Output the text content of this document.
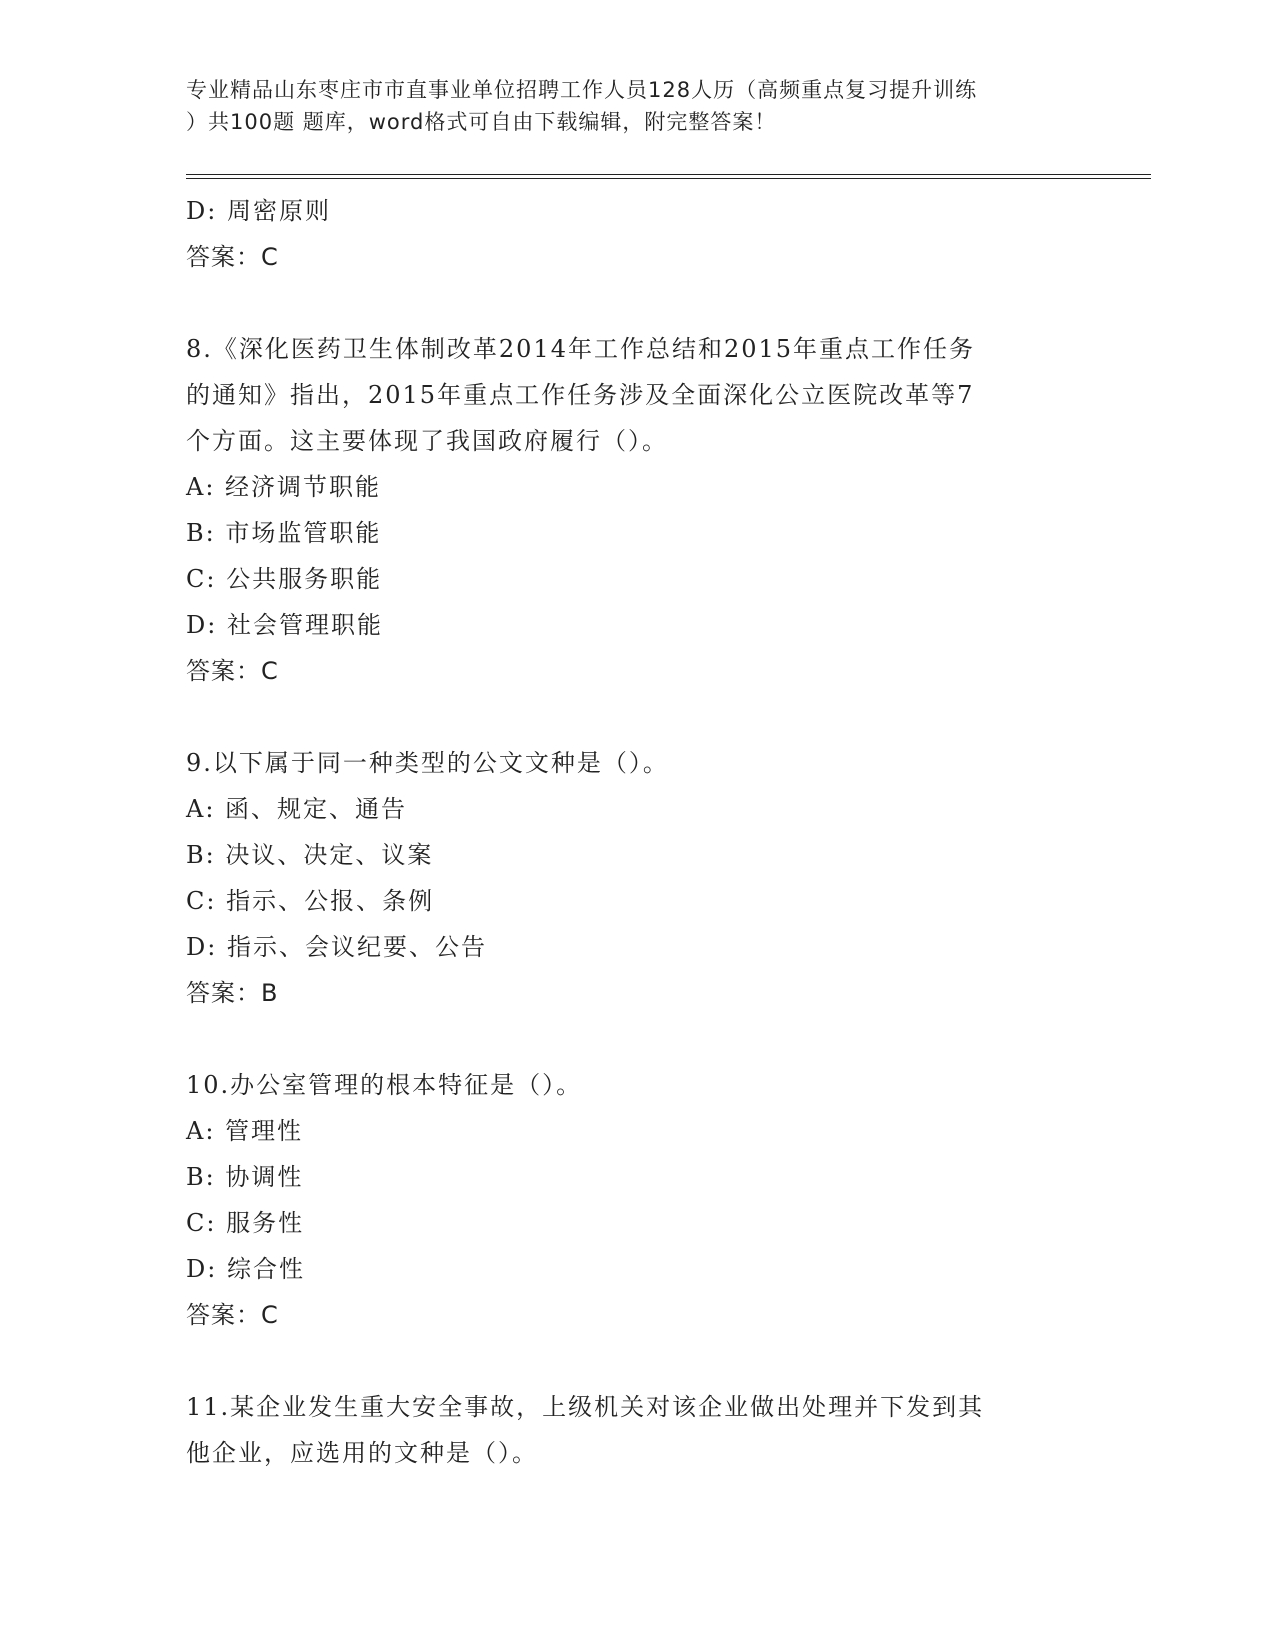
专业精品山东枣庄市市直事业单位招聘工作人员128人历（高频重点复习提升训练
）共100题 题库，word格式可自由下载编辑，附完整答案！
D: 周密原则
答案：C
8.《深化医药卫生体制改革2014年工作总结和2015年重点工作任务
的通知》指出，2015年重点工作任务涉及全面深化公立医院改革等7
个方面。这主要体现了我国政府履行（）。
A: 经济调节职能
B: 市场监管职能
C: 公共服务职能
D: 社会管理职能
答案：C
9.以下属于同一种类型的公文文种是（）。
A: 函、规定、通告
B: 决议、决定、议案
C: 指示、公报、条例
D: 指示、会议纪要、公告
答案：B
10.办公室管理的根本特征是（）。
A: 管理性
B: 协调性
C: 服务性
D: 综合性
答案：C
11.某企业发生重大安全事故，上级机关对该企业做出处理并下发到其
他企业，应选用的文种是（）。
